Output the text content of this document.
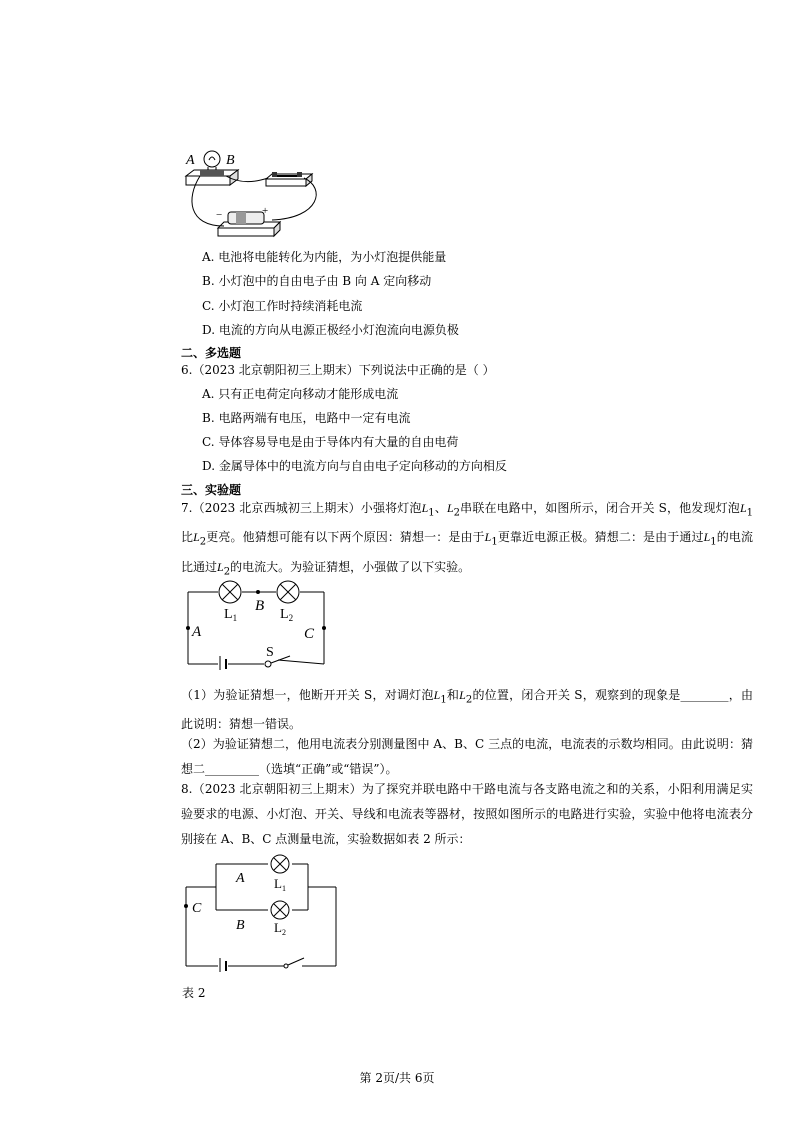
A B
−	+
A. 电池将电能转化为内能，为小灯泡提供能量
B. 小灯泡中的自由电子由 B 向 A 定向移动
C. 小灯泡工作时持续消耗电流
D. 电流的方向从电源正极经小灯泡流向电源负极
二、多选题
6.（2023 北京朝阳初三上期末）下列说法中正确的是（ ）
A. 只有正电荷定向移动才能形成电流
B. 电路两端有电压，电路中一定有电流
C. 导体容易导电是由于导体内有大量的自由电荷
D. 金属导体中的电流方向与自由电子定向移动的方向相反
三、实验题
7.（2023 北京西城初三上期末）小强将灯泡$L_1$、$L_2$串联在电路中，如图所示，闭合开关 S，他发现灯泡$L_1$比$L_2$更亮。他猜想可能有以下两个原因：猜想一：是由于$L_1$更靠近电源正极。猜想二：是由于通过$L_1$的电流比通过$L_2$的电流大。为验证猜想，小强做了以下实验。
$L_1$	$L_2$
A
B
C
S
（1）为验证猜想一，他断开开关 S，对调灯泡$L_1$和$L_2$的位置，闭合开关 S，观察到的现象是________，由此说明：猜想一错误。
（2）为验证猜想二，他用电流表分别测量图中 A、B、C 三点的电流，电流表的示数均相同。由此说明：猜想二_________（选填“正确”或“错误”）。
8.（2023 北京朝阳初三上期末）为了探究并联电路中干路电流与各支路电流之和的关系，小阳利用满足实验要求的电源、小灯泡、开关、导线和电流表等器材，按照如图所示的电路进行实验，实验中他将电流表分别接在 A、B、C 点测量电流，实验数据如表 2 所示：
A
B
C
$L_1$
$L_2$
表 2
第 2页/共 6页
